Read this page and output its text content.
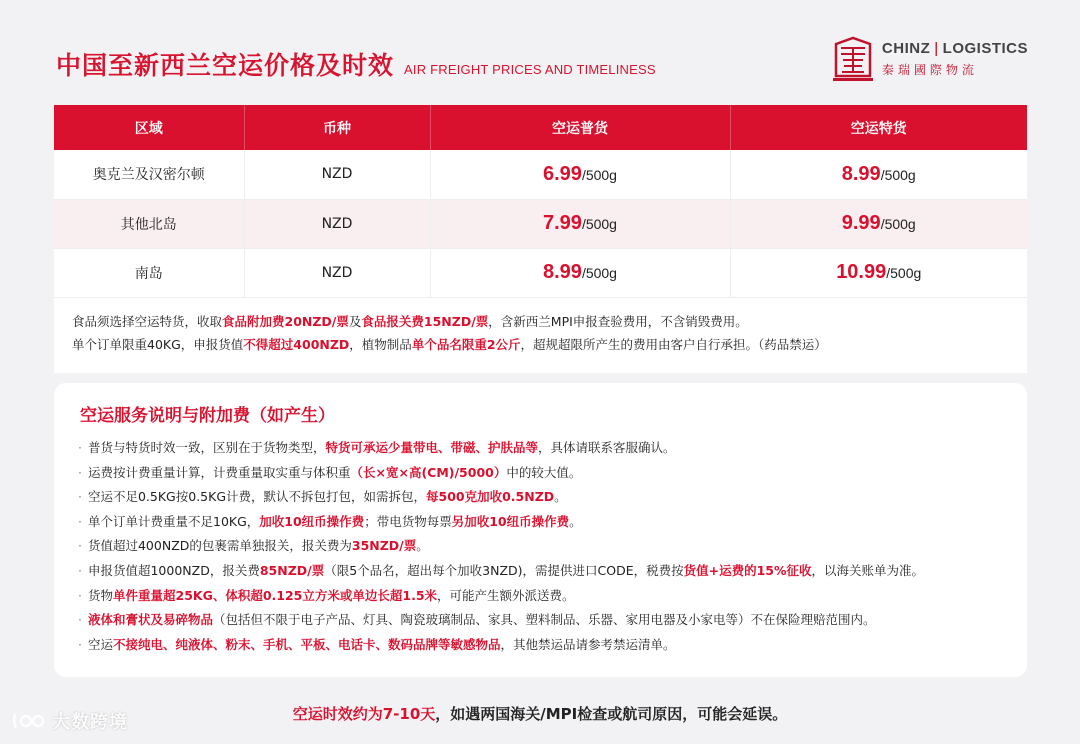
中国至新西兰空运价格及时效 AIR FREIGHT PRICES AND TIMELINESS
CHINZ | LOGISTICS
秦瑞國際物流
区域	币种	空运普货	空运特货
奥克兰及汉密尔顿	NZD	6.99/500g	8.99/500g
其他北岛	NZD	7.99/500g	9.99/500g
南岛	NZD	8.99/500g	10.99/500g
食品须选择空运特货，收取食品附加费20NZD/票及食品报关费15NZD/票，含新西兰MPI申报查验费用，不含销毁费用。
单个订单限重40KG，申报货值不得超过400NZD，植物制品单个品名限重2公斤，超规超限所产生的费用由客户自行承担。（药品禁运）
空运服务说明与附加费（如产生）
· 普货与特货时效一致，区别在于货物类型，特货可承运少量带电、带磁、护肤品等，具体请联系客服确认。
· 运费按计费重量计算，计费重量取实重与体积重（长×宽×高(CM)/5000）中的较大值。
· 空运不足0.5KG按0.5KG计费，默认不拆包打包，如需拆包，每500克加收0.5NZD。
· 单个订单计费重量不足10KG，加收10纽币操作费；带电货物每票另加收10纽币操作费。
· 货值超过400NZD的包裹需单独报关，报关费为35NZD/票。
· 申报货值超1000NZD，报关费85NZD/票（限5个品名，超出每个加收3NZD)，需提供进口CODE，税费按货值+运费的15%征收，以海关账单为准。
· 货物单件重量超25KG、体积超0.125立方米或单边长超1.5米，可能产生额外派送费。
· 液体和膏状及易碎物品（包括但不限于电子产品、灯具、陶瓷玻璃制品、家具、塑料制品、乐器、家用电器及小家电等）不在保险理赔范围内。
· 空运不接纯电、纯液体、粉末、手机、平板、电话卡、数码品牌等敏感物品，其他禁运品请参考禁运清单。
空运时效约为7-10天，如遇两国海关/MPI检查或航司原因，可能会延误。
大数跨境
